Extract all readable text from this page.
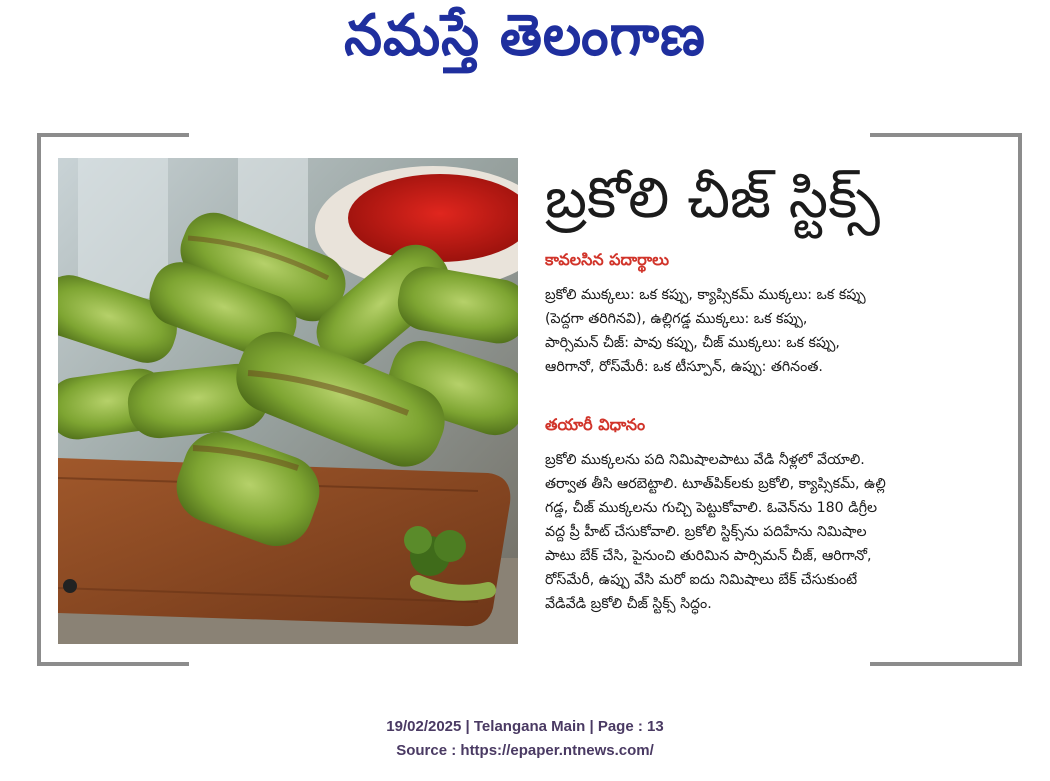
నమస్తే తెలంగాణ
బ్రకోలి చీజ్ స్టిక్స్
కావలసిన పదార్థాలు

బ్రకోలి ముక్కలు: ఒక కప్పు, క్యాప్సికమ్ ముక్కలు: ఒక కప్పు

(పెద్దగా తరిగినవి), ఉల్లిగడ్డ ముక్కలు: ఒక కప్పు,

పార్సిమన్ చీజ్: పావు కప్పు, చీజ్ ముక్కలు: ఒక కప్పు,

ఆరిగానో, రోస్‌మేరీ: ఒక టీస్పూన్, ఉప్పు: తగినంత.

తయారీ విధానం

బ్రకోలి ముక్కలను పది నిమిషాలపాటు వేడి నీళ్లలో వేయాలి.

తర్వాత తీసి ఆరబెట్టాలి. టూత్‌పిక్‌లకు బ్రకోలి, క్యాప్సికమ్, ఉల్లి

గడ్డ, చీజ్ ముక్కలను గుచ్చి పెట్టుకోవాలి. ఓవెన్‌ను 180 డిగ్రీల

వద్ద ప్రీ హీట్ చేసుకోవాలి. బ్రకోలి స్టిక్స్‌ను పదిహేను నిమిషాల

పాటు బేక్ చేసి, పైనుంచి తురిమిన పార్సిమన్ చీజ్, ఆరిగానో,

రోస్‌మేరీ, ఉప్పు వేసి మరో ఐదు నిమిషాలు బేక్ చేసుకుంటే

వేడివేడి బ్రకోలి చీజ్ స్టిక్స్ సిద్ధం.

19/02/2025 | Telangana Main | Page : 13
Source : https://epaper.ntnews.com/
